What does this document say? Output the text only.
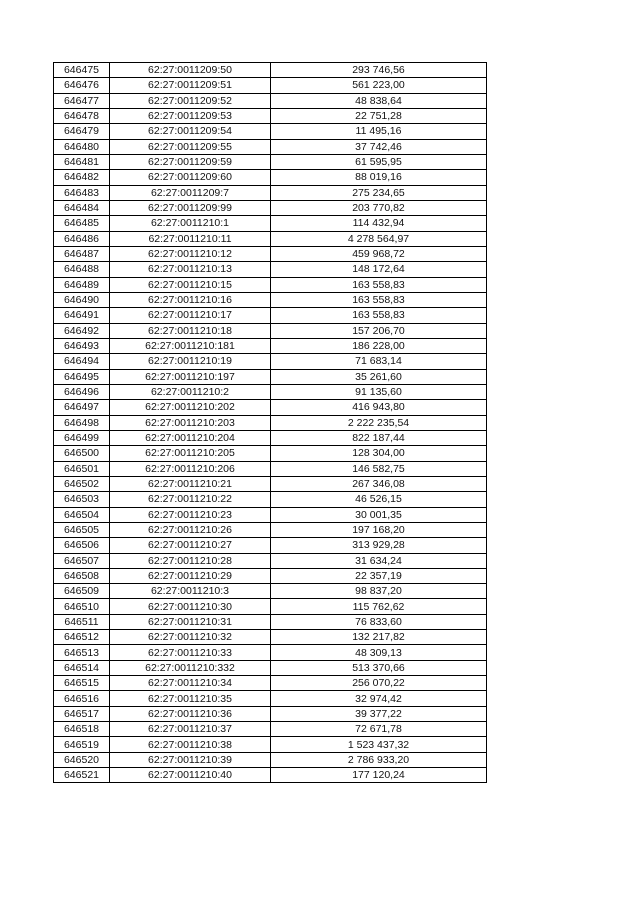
646475	62:27:0011209:50	293 746,56
646476	62:27:0011209:51	561 223,00
646477	62:27:0011209:52	48 838,64
646478	62:27:0011209:53	22 751,28
646479	62:27:0011209:54	11 495,16
646480	62:27:0011209:55	37 742,46
646481	62:27:0011209:59	61 595,95
646482	62:27:0011209:60	88 019,16
646483	62:27:0011209:7	275 234,65
646484	62:27:0011209:99	203 770,82
646485	62:27:0011210:1	114 432,94
646486	62:27:0011210:11	4 278 564,97
646487	62:27:0011210:12	459 968,72
646488	62:27:0011210:13	148 172,64
646489	62:27:0011210:15	163 558,83
646490	62:27:0011210:16	163 558,83
646491	62:27:0011210:17	163 558,83
646492	62:27:0011210:18	157 206,70
646493	62:27:0011210:181	186 228,00
646494	62:27:0011210:19	71 683,14
646495	62:27:0011210:197	35 261,60
646496	62:27:0011210:2	91 135,60
646497	62:27:0011210:202	416 943,80
646498	62:27:0011210:203	2 222 235,54
646499	62:27:0011210:204	822 187,44
646500	62:27:0011210:205	128 304,00
646501	62:27:0011210:206	146 582,75
646502	62:27:0011210:21	267 346,08
646503	62:27:0011210:22	46 526,15
646504	62:27:0011210:23	30 001,35
646505	62:27:0011210:26	197 168,20
646506	62:27:0011210:27	313 929,28
646507	62:27:0011210:28	31 634,24
646508	62:27:0011210:29	22 357,19
646509	62:27:0011210:3	98 837,20
646510	62:27:0011210:30	115 762,62
646511	62:27:0011210:31	76 833,60
646512	62:27:0011210:32	132 217,82
646513	62:27:0011210:33	48 309,13
646514	62:27:0011210:332	513 370,66
646515	62:27:0011210:34	256 070,22
646516	62:27:0011210:35	32 974,42
646517	62:27:0011210:36	39 377,22
646518	62:27:0011210:37	72 671,78
646519	62:27:0011210:38	1 523 437,32
646520	62:27:0011210:39	2 786 933,20
646521	62:27:0011210:40	177 120,24
